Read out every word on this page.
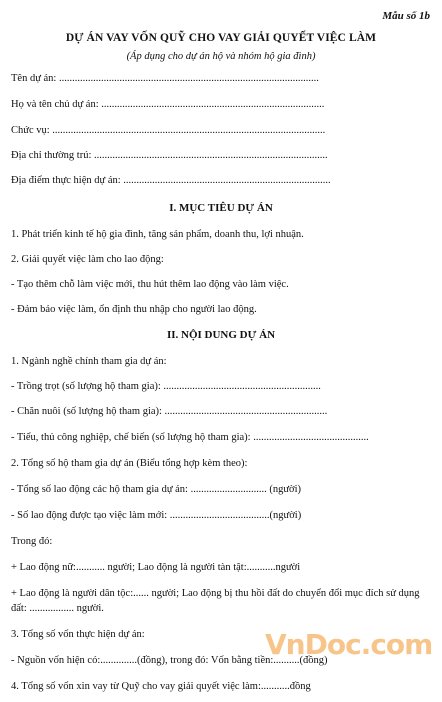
Mẫu số 1b
DỰ ÁN VAY VỐN QUỸ CHO VAY GIẢI QUYẾT VIỆC LÀM
(Áp dụng cho dự án hộ và nhóm hộ gia đình)
Tên dự án: ...................................................................................................
Họ và tên chủ dự án: .....................................................................................
Chức vụ: ........................................................................................................
Địa chỉ thường trú: .........................................................................................
Địa điểm thực hiện dự án: ...............................................................................
I. MỤC TIÊU DỰ ÁN
1. Phát triển kinh tế hộ gia đình, tăng sản phẩm, doanh thu, lợi nhuận.
2. Giải quyết việc làm cho lao động:
- Tạo thêm chỗ làm việc mới, thu hút thêm lao động vào làm việc.
- Đảm bảo việc làm, ổn định thu nhập cho người lao động.
II. NỘI DUNG DỰ ÁN
1. Ngành nghề chính tham gia dự án:
- Trồng trọt (số lượng hộ tham gia): ............................................................
- Chăn nuôi (số lượng hộ tham gia): ..............................................................
- Tiểu, thủ công nghiệp, chế biến (số lượng hộ tham gia): ............................................
2. Tổng số hộ tham gia dự án (Biểu tổng hợp kèm theo):
- Tổng số lao động các hộ tham gia dự án: ............................. (người)
- Số lao động được tạo việc làm mới: ......................................(người)
Trong đó:
+ Lao động nữ:........... người; Lao động là người tàn tật:...........người
+ Lao động là người dân tộc:...... người; Lao động bị thu hồi đất do chuyển đổi mục đích sử dụng đất: ................. người.
3. Tổng số vốn thực hiện dự án:
- Nguồn vốn hiện có:..............(đồng), trong đó: Vốn bằng tiền:..........(đồng)
4. Tổng số vốn xin vay từ Quỹ cho vay giải quyết việc làm:...........đồng
VnDoc.com
